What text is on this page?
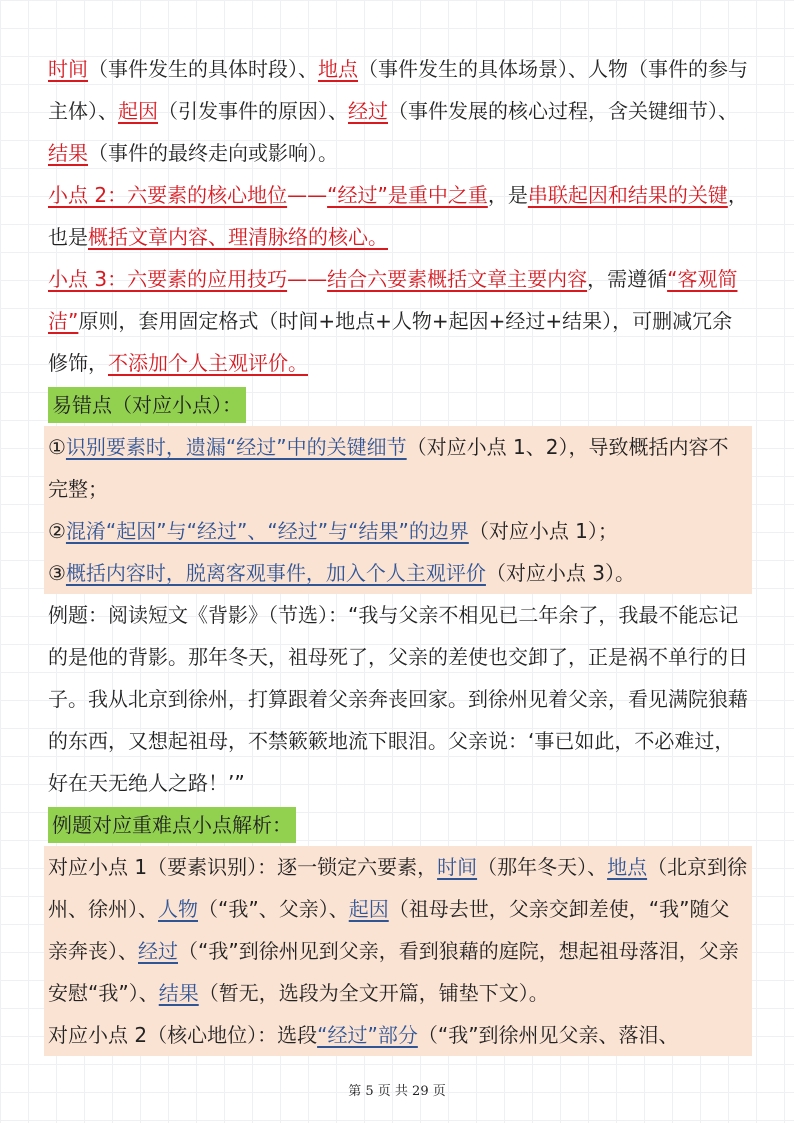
时间（事件发生的具体时段）、地点（事件发生的具体场景）、人物（事件的参与主体）、起因（引发事件的原因）、经过（事件发展的核心过程，含关键细节）、结果（事件的最终走向或影响）。

小点 2：六要素的核心地位——“经过”是重中之重，是串联起因和结果的关键，也是概括文章内容、理清脉络的核心。

小点 3：六要素的应用技巧——结合六要素概括文章主要内容，需遵循“客观简洁”原则，套用固定格式（时间+地点+人物+起因+经过+结果），可删减冗余修饰，不添加个人主观评价。

易错点（对应小点）：

①识别要素时，遗漏“经过”中的关键细节（对应小点 1、2），导致概括内容不完整；

②混淆“起因”与“经过”、“经过”与“结果”的边界（对应小点 1）；

③概括内容时，脱离客观事件，加入个人主观评价（对应小点 3）。

例题：阅读短文《背影》（节选）：“我与父亲不相见已二年余了，我最不能忘记的是他的背影。那年冬天，祖母死了，父亲的差使也交卸了，正是祸不单行的日子。我从北京到徐州，打算跟着父亲奔丧回家。到徐州见着父亲，看见满院狼藉的东西，又想起祖母，不禁簌簌地流下眼泪。父亲说：‘事已如此，不必难过，好在天无绝人之路！’”

例题对应重难点小点解析：

对应小点 1（要素识别）：逐一锁定六要素，时间（那年冬天）、地点（北京到徐州、徐州）、人物（“我”、父亲）、起因（祖母去世，父亲交卸差使，“我”随父亲奔丧）、经过（“我”到徐州见到父亲，看到狼藉的庭院，想起祖母落泪，父亲安慰“我”）、结果（暂无，选段为全文开篇，铺垫下文）。

对应小点 2（核心地位）：选段“经过”部分（“我”到徐州见父亲、落泪、

第 5 页 共 29 页
